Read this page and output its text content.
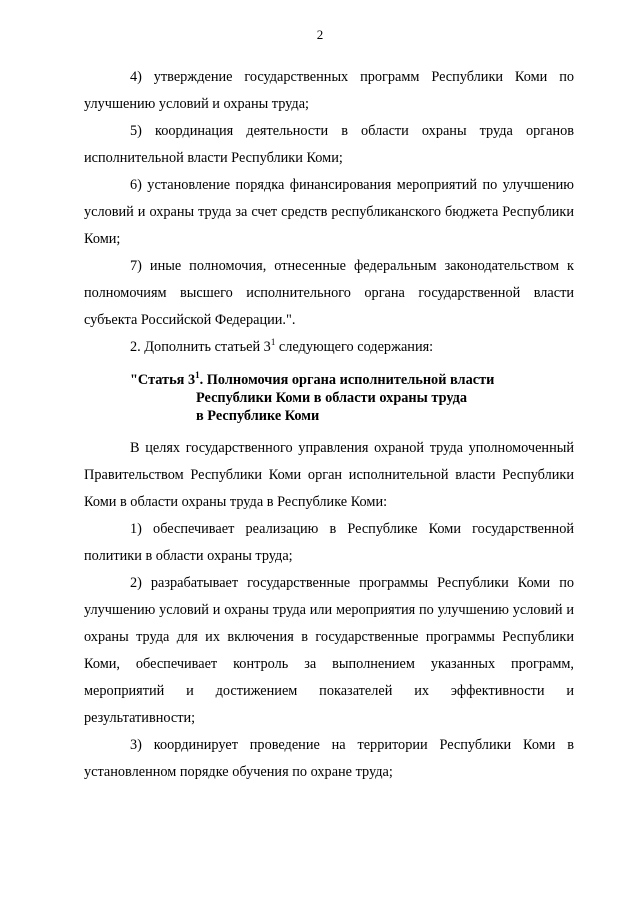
2

4) утверждение государственных программ Республики Коми по улучшению условий и охраны труда;

5) координация деятельности в области охраны труда органов исполнительной власти Республики Коми;

6) установление порядка финансирования мероприятий по улучшению условий и охраны труда за счет средств республиканского бюджета Республики Коми;

7) иные полномочия, отнесенные федеральным законодательством к полномочиям высшего исполнительного органа государственной власти субъекта Российской Федерации.".

2. Дополнить статьей $3^1$ следующего содержания:

"Статья $3^1$. Полномочия органа исполнительной власти
Республики Коми в области охраны труда
в Республике Коми

В целях государственного управления охраной труда уполномоченный Правительством Республики Коми орган исполнительной власти Республики Коми в области охраны труда в Республике Коми:

1) обеспечивает реализацию в Республике Коми государственной политики в области охраны труда;

2) разрабатывает государственные программы Республики Коми по улучшению условий и охраны труда или мероприятия по улучшению условий и охраны труда для их включения в государственные программы Республики Коми, обеспечивает контроль за выполнением указанных программ, мероприятий и достижением показателей их эффективности и результативности;

3) координирует проведение на территории Республики Коми в установленном порядке обучения по охране труда;
